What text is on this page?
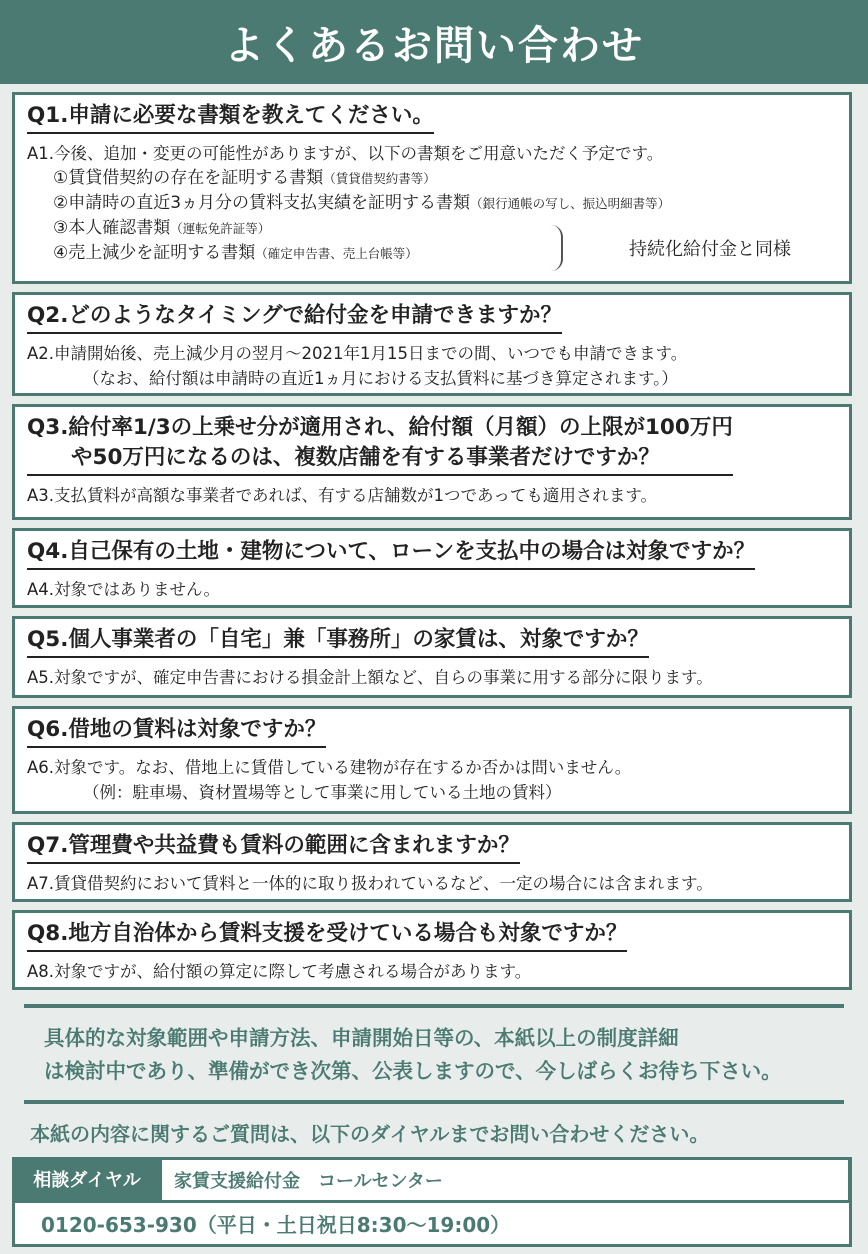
よくあるお問い合わせ
Q1.申請に必要な書類を教えてください。
A1.今後、追加・変更の可能性がありますが、以下の書類をご用意いただく予定です。
①賃貸借契約の存在を証明する書類（賃貸借契約書等）
②申請時の直近3ヵ月分の賃料支払実績を証明する書類（銀行通帳の写し、振込明細書等）
③本人確認書類（運転免許証等）
④売上減少を証明する書類（確定申告書、売上台帳等）	持続化給付金と同様
Q2.どのようなタイミングで給付金を申請できますか？
A2.申請開始後、売上減少月の翌月～2021年1月15日までの間、いつでも申請できます。
（なお、給付額は申請時の直近1ヵ月における支払賃料に基づき算定されます。）
Q3.給付率1/3の上乗せ分が適用され、給付額（月額）の上限が100万円
や50万円になるのは、複数店舗を有する事業者だけですか？
A3.支払賃料が高額な事業者であれば、有する店舗数が1つであっても適用されます。
Q4.自己保有の土地・建物について、ローンを支払中の場合は対象ですか？
A4.対象ではありません。
Q5.個人事業者の「自宅」兼「事務所」の家賃は、対象ですか？
A5.対象ですが、確定申告書における損金計上額など、自らの事業に用する部分に限ります。
Q6.借地の賃料は対象ですか？
A6.対象です。なお、借地上に賃借している建物が存在するか否かは問いません。
（例：駐車場、資材置場等として事業に用している土地の賃料）
Q7.管理費や共益費も賃料の範囲に含まれますか？
A7.賃貸借契約において賃料と一体的に取り扱われているなど、一定の場合には含まれます。
Q8.地方自治体から賃料支援を受けている場合も対象ですか？
A8.対象ですが、給付額の算定に際して考慮される場合があります。
具体的な対象範囲や申請方法、申請開始日等の、本紙以上の制度詳細
は検討中であり、準備ができ次第、公表しますので、今しばらくお待ち下さい。
本紙の内容に関するご質問は、以下のダイヤルまでお問い合わせください。
相談ダイヤル	家賃支援給付金　コールセンター
0120-653-930（平日・土日祝日8:30～19:00）
